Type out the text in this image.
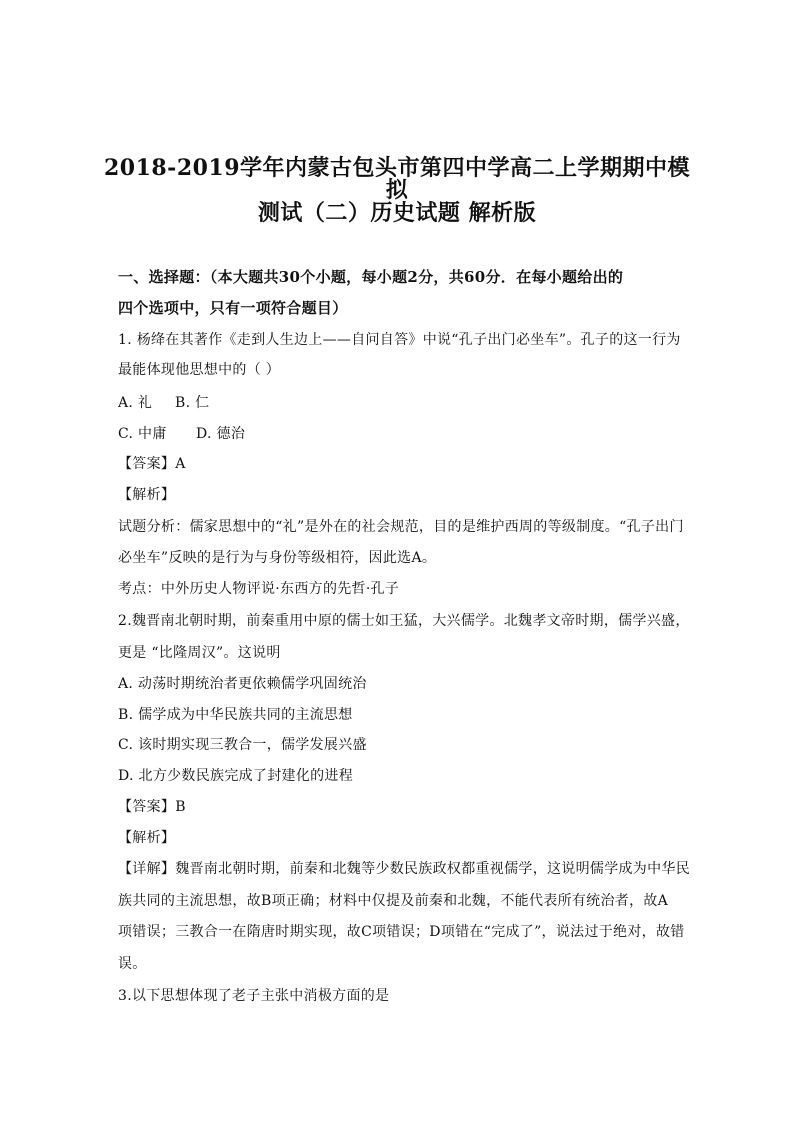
2018-2019学年内蒙古包头市第四中学高二上学期期中模拟
测试（二）历史试题 解析版
一、选择题：（本大题共30个小题，每小题2分，共60分．在每小题给出的
四个选项中，只有一项符合题目）
1. 杨绛在其著作《走到人生边上——自问自答》中说“孔子出门必坐车”。孔子的这一行为
最能体现他思想中的（ ）
A. 礼 B. 仁
C. 中庸 D. 德治
【答案】A
【解析】
试题分析：儒家思想中的“礼”是外在的社会规范，目的是维护西周的等级制度。“孔子出门
必坐车”反映的是行为与身份等级相符，因此选A。
考点：中外历史人物评说·东西方的先哲·孔子
2.魏晋南北朝时期，前秦重用中原的儒士如王猛，大兴儒学。北魏孝文帝时期，儒学兴盛，
更是 “比隆周汉”。这说明
A. 动荡时期统治者更依赖儒学巩固统治
B. 儒学成为中华民族共同的主流思想
C. 该时期实现三教合一，儒学发展兴盛
D. 北方少数民族完成了封建化的进程
【答案】B
【解析】
【详解】魏晋南北朝时期，前秦和北魏等少数民族政权都重视儒学，这说明儒学成为中华民
族共同的主流思想，故B项正确；材料中仅提及前秦和北魏，不能代表所有统治者，故A
项错误；三教合一在隋唐时期实现，故C项错误；D项错在“完成了”，说法过于绝对，故错
误。
3.以下思想体现了老子主张中消极方面的是
